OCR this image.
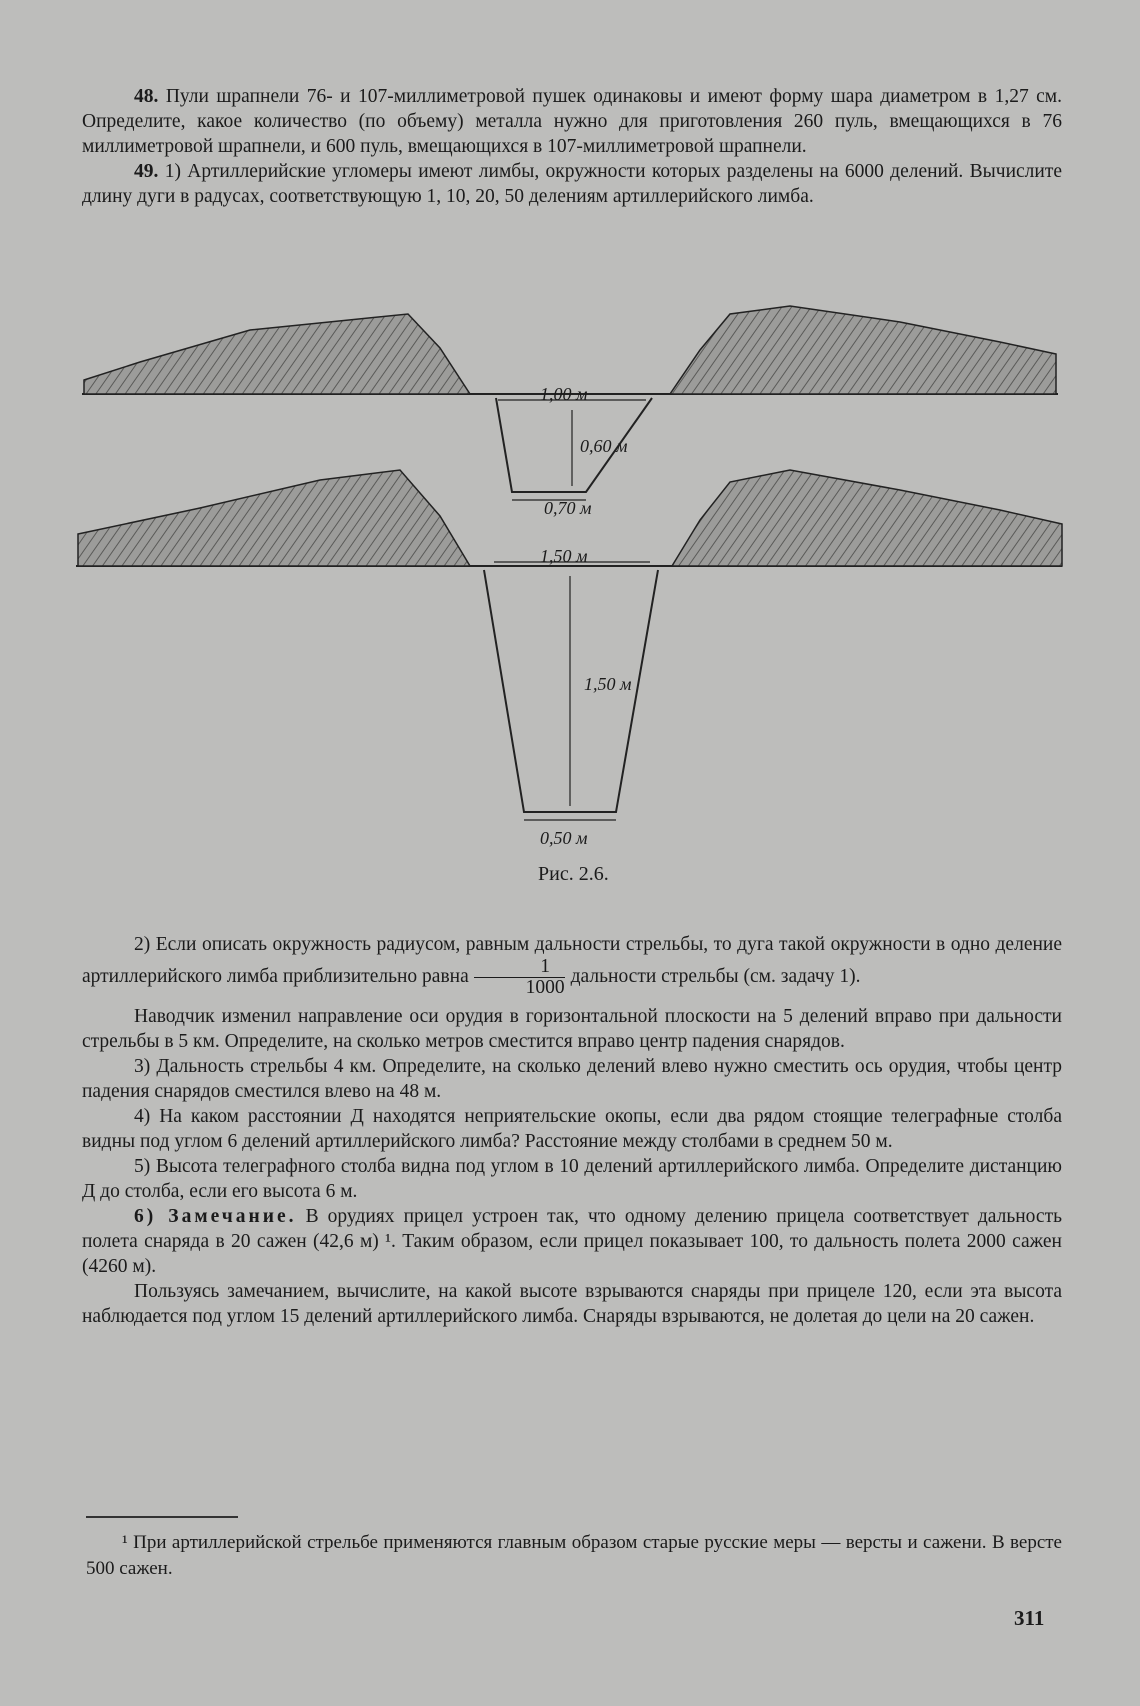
48. Пули шрапнели 76- и 107-миллиметровой пушек одинаковы и имеют форму шара диаметром в 1,27 см. Определите, какое количество (по объему) металла нужно для приготовления 260 пуль, вмещающихся в 76 миллиметровой шрапнели, и 600 пуль, вмещающихся в 107-миллиметровой шрапнели.

49. 1) Артиллерийские угломеры имеют лимбы, окружности которых разделены на 6000 делений. Вычислите длину дуги в радусах, соответствующую 1, 10, 20, 50 делениям артиллерийского лимба.

1,00 м
0,60 м
0,70 м
1,50 м
1,50 м
0,50 м
Рис. 2.6.

2) Если описать окружность радиусом, равным дальности стрельбы, то дуга такой окружности в одно деление артиллерийского лимба приблизительно равна $\frac{1}{1000}$ дальности стрельбы (см. задачу 1).

Наводчик изменил направление оси орудия в горизонтальной плоскости на 5 делений вправо при дальности стрельбы в 5 км. Определите, на сколько метров сместится вправо центр падения снарядов.

3) Дальность стрельбы 4 км. Определите, на сколько делений влево нужно сместить ось орудия, чтобы центр падения снарядов сместился влево на 48 м.

4) На каком расстоянии Д находятся неприятельские окопы, если два рядом стоящие телеграфные столба видны под углом 6 делений артиллерийского лимба? Расстояние между столбами в среднем 50 м.

5) Высота телеграфного столба видна под углом в 10 делений артиллерийского лимба. Определите дистанцию Д до столба, если его высота 6 м.

6) Замечание. В орудиях прицел устроен так, что одному делению прицела соответствует дальность полета снаряда в 20 сажен (42,6 м) ¹. Таким образом, если прицел показывает 100, то дальность полета 2000 сажен (4260 м).

Пользуясь замечанием, вычислите, на какой высоте взрываются снаряды при прицеле 120, если эта высота наблюдается под углом 15 делений артиллерийского лимба. Снаряды взрываются, не долетая до цели на 20 сажен.

¹ При артиллерийской стрельбе применяются главным образом старые русские меры — версты и сажени. В версте 500 сажен.

311
